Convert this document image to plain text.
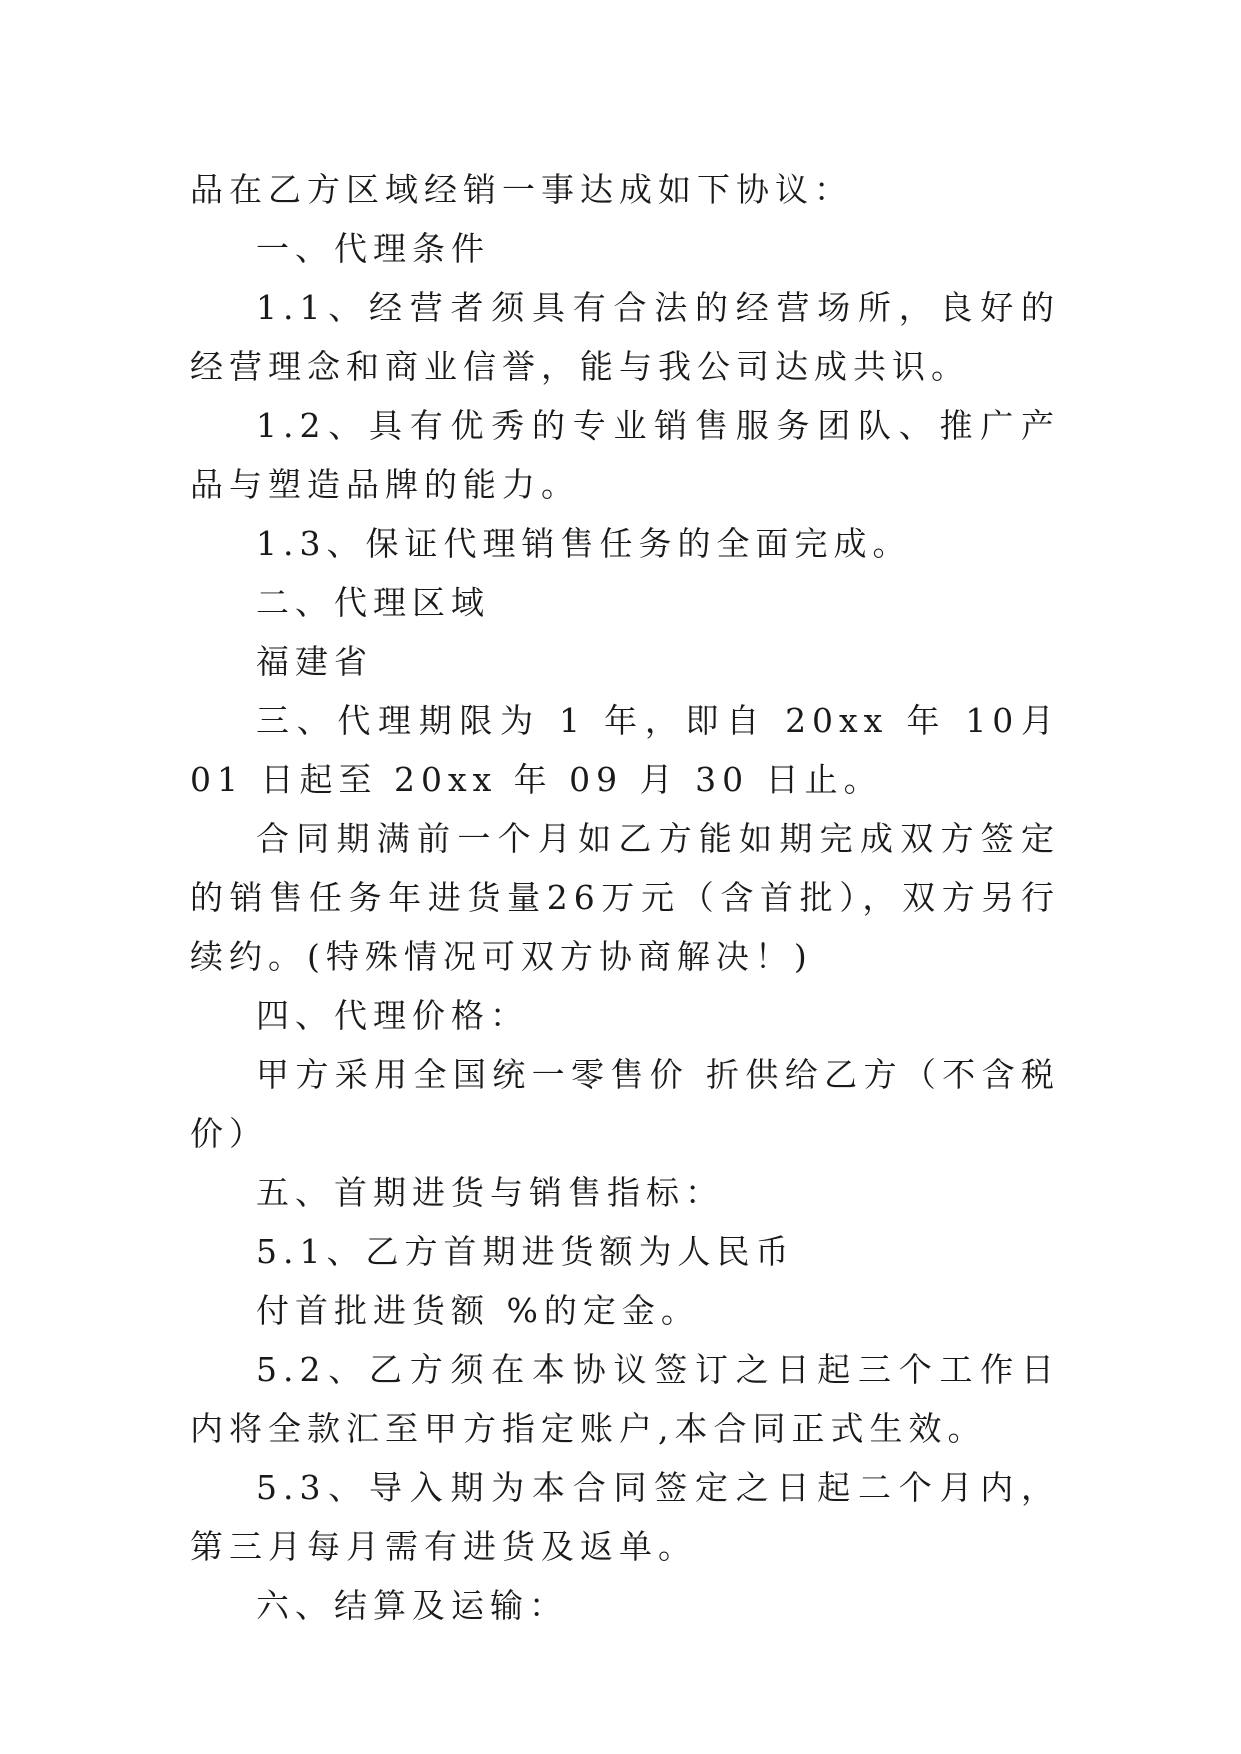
品在乙方区域经销一事达成如下协议：

一、代理条件

1.1、经营者须具有合法的经营场所，良好的经营理念和商业信誉，能与我公司达成共识。

1.2、具有优秀的专业销售服务团队、推广产品与塑造品牌的能力。

1.3、保证代理销售任务的全面完成。

二、代理区域

福建省

三、代理期限为 1 年，即自 20xx 年 10月 01 日起至 20xx 年 09 月 30 日止。

合同期满前一个月如乙方能如期完成双方签定的销售任务年进货量26万元（含首批），双方另行续约。(特殊情况可双方协商解决！)

四、代理价格：

甲方采用全国统一零售价 折供给乙方（不含税价）

五、首期进货与销售指标：

5.1、乙方首期进货额为人民币

付首批进货额 %的定金。

5.2、乙方须在本协议签订之日起三个工作日内将全款汇至甲方指定账户,本合同正式生效。

5.3、导入期为本合同签定之日起二个月内，第三月每月需有进货及返单。

六、结算及运输：
